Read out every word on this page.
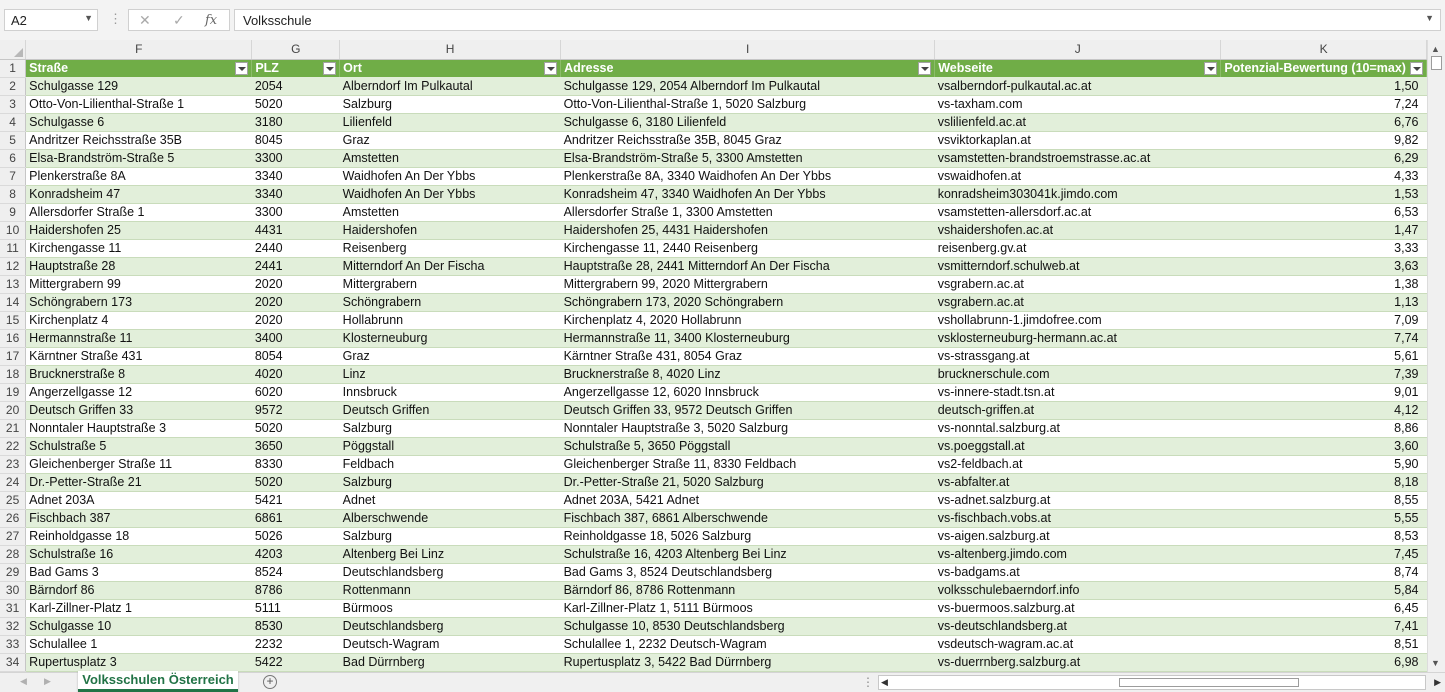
A2	▼ ⋮ ✕ ✓ fx	Volksschule	▼
	F	G	H	I	J	K
1	Straße	PLZ	Ort	Adresse	Webseite	Potenzial-Bewertung (10=max)

2	Schulgasse 129	2054	Alberndorf Im Pulkautal	Schulgasse 129, 2054 Alberndorf Im Pulkautal	vsalberndorf-pulkautal.ac.at	1,50
3	Otto-Von-Lilienthal-Straße 1	5020	Salzburg	Otto-Von-Lilienthal-Straße 1, 5020 Salzburg	vs-taxham.com	7,24
4	Schulgasse 6	3180	Lilienfeld	Schulgasse 6, 3180 Lilienfeld	vslilienfeld.ac.at	6,76
5	Andritzer Reichsstraße 35B	8045	Graz	Andritzer Reichsstraße 35B, 8045 Graz	vsviktorkaplan.at	9,82
6	Elsa-Brandström-Straße 5	3300	Amstetten	Elsa-Brandström-Straße 5, 3300 Amstetten	vsamstetten-brandstroemstrasse.ac.at	6,29
7	Plenkerstraße 8A	3340	Waidhofen An Der Ybbs	Plenkerstraße 8A, 3340 Waidhofen An Der Ybbs	vswaidhofen.at	4,33
8	Konradsheim 47	3340	Waidhofen An Der Ybbs	Konradsheim 47, 3340 Waidhofen An Der Ybbs	konradsheim303041k.jimdo.com	1,53
9	Allersdorfer Straße 1	3300	Amstetten	Allersdorfer Straße 1, 3300 Amstetten	vsamstetten-allersdorf.ac.at	6,53
10	Haidershofen 25	4431	Haidershofen	Haidershofen 25, 4431 Haidershofen	vshaidershofen.ac.at	1,47
11	Kirchengasse 11	2440	Reisenberg	Kirchengasse 11, 2440 Reisenberg	reisenberg.gv.at	3,33
12	Hauptstraße 28	2441	Mitterndorf An Der Fischa	Hauptstraße 28, 2441 Mitterndorf An Der Fischa	vsmitterndorf.schulweb.at	3,63
13	Mittergrabern 99	2020	Mittergrabern	Mittergrabern 99, 2020 Mittergrabern	vsgrabern.ac.at	1,38
14	Schöngrabern 173	2020	Schöngrabern	Schöngrabern 173, 2020 Schöngrabern	vsgrabern.ac.at	1,13
15	Kirchenplatz 4	2020	Hollabrunn	Kirchenplatz 4, 2020 Hollabrunn	vshollabrunn-1.jimdofree.com	7,09
16	Hermannstraße 11	3400	Klosterneuburg	Hermannstraße 11, 3400 Klosterneuburg	vsklosterneuburg-hermann.ac.at	7,74
17	Kärntner Straße 431	8054	Graz	Kärntner Straße 431, 8054 Graz	vs-strassgang.at	5,61
18	Brucknerstraße 8	4020	Linz	Brucknerstraße 8, 4020 Linz	brucknerschule.com	7,39
19	Angerzellgasse 12	6020	Innsbruck	Angerzellgasse 12, 6020 Innsbruck	vs-innere-stadt.tsn.at	9,01
20	Deutsch Griffen 33	9572	Deutsch Griffen	Deutsch Griffen 33, 9572 Deutsch Griffen	deutsch-griffen.at	4,12
21	Nonntaler Hauptstraße 3	5020	Salzburg	Nonntaler Hauptstraße 3, 5020 Salzburg	vs-nonntal.salzburg.at	8,86
22	Schulstraße 5	3650	Pöggstall	Schulstraße 5, 3650 Pöggstall	vs.poeggstall.at	3,60
23	Gleichenberger Straße 11	8330	Feldbach	Gleichenberger Straße 11, 8330 Feldbach	vs2-feldbach.at	5,90
24	Dr.-Petter-Straße 21	5020	Salzburg	Dr.-Petter-Straße 21, 5020 Salzburg	vs-abfalter.at	8,18
25	Adnet 203A	5421	Adnet	Adnet 203A, 5421 Adnet	vs-adnet.salzburg.at	8,55
26	Fischbach 387	6861	Alberschwende	Fischbach 387, 6861 Alberschwende	vs-fischbach.vobs.at	5,55
27	Reinholdgasse 18	5026	Salzburg	Reinholdgasse 18, 5026 Salzburg	vs-aigen.salzburg.at	8,53
28	Schulstraße 16	4203	Altenberg Bei Linz	Schulstraße 16, 4203 Altenberg Bei Linz	vs-altenberg.jimdo.com	7,45
29	Bad Gams 3	8524	Deutschlandsberg	Bad Gams 3, 8524 Deutschlandsberg	vs-badgams.at	8,74
30	Bärndorf 86	8786	Rottenmann	Bärndorf 86, 8786 Rottenmann	volksschulebaerndorf.info	5,84
31	Karl-Zillner-Platz 1	5111	Bürmoos	Karl-Zillner-Platz 1, 5111 Bürmoos	vs-buermoos.salzburg.at	6,45
32	Schulgasse 10	8530	Deutschlandsberg	Schulgasse 10, 8530 Deutschlandsberg	vs-deutschlandsberg.at	7,41
33	Schulallee 1	2232	Deutsch-Wagram	Schulallee 1, 2232 Deutsch-Wagram	vsdeutsch-wagram.ac.at	8,51
34	Rupertusplatz 3	5422	Bad Dürrnberg	Rupertusplatz 3, 5422 Bad Dürrnberg	vs-duerrnberg.salzburg.at	6,98
▲
▼
◀ ▶	Volksschulen Österreich	+	⋮ ◀	▶
